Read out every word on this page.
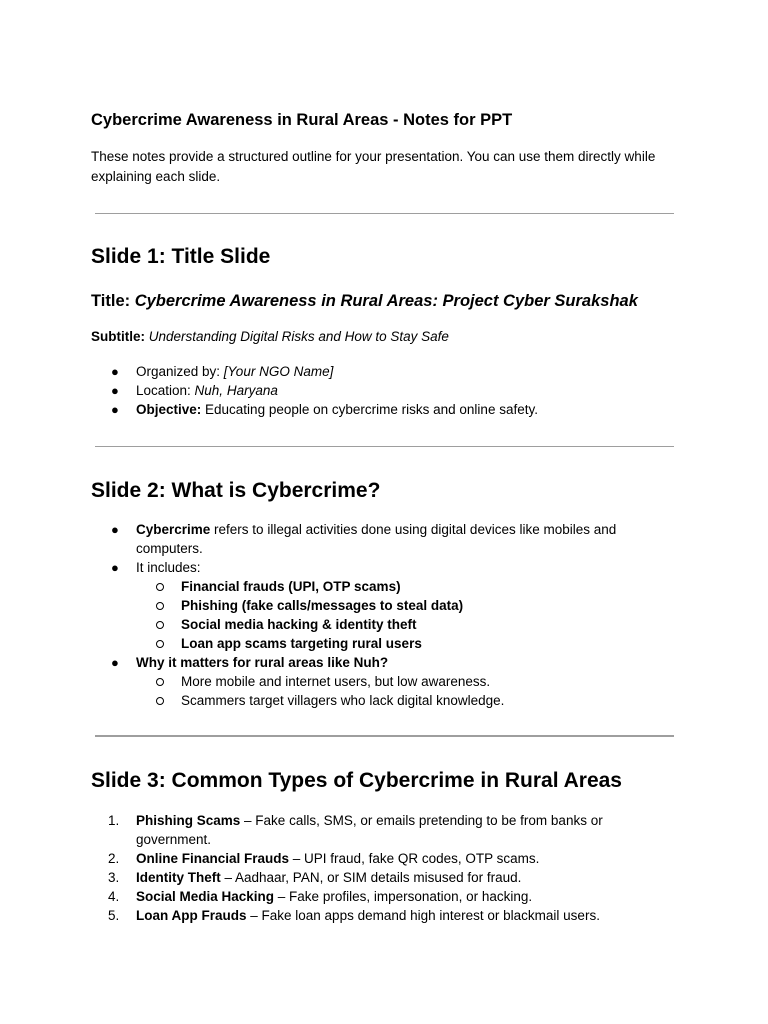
Cybercrime Awareness in Rural Areas - Notes for PPT
These notes provide a structured outline for your presentation. You can use them directly while explaining each slide.
Slide 1: Title Slide
Title: Cybercrime Awareness in Rural Areas: Project Cyber Surakshak
Subtitle: Understanding Digital Risks and How to Stay Safe
● Organized by: [Your NGO Name]
● Location: Nuh, Haryana
● Objective: Educating people on cybercrime risks and online safety.
Slide 2: What is Cybercrime?
● Cybercrime refers to illegal activities done using digital devices like mobiles and computers.
● It includes:
Financial frauds (UPI, OTP scams)
Phishing (fake calls/messages to steal data)
Social media hacking & identity theft
Loan app scams targeting rural users
● Why it matters for rural areas like Nuh?
More mobile and internet users, but low awareness.
Scammers target villagers who lack digital knowledge.
Slide 3: Common Types of Cybercrime in Rural Areas
1. Phishing Scams – Fake calls, SMS, or emails pretending to be from banks or government.
2. Online Financial Frauds – UPI fraud, fake QR codes, OTP scams.
3. Identity Theft – Aadhaar, PAN, or SIM details misused for fraud.
4. Social Media Hacking – Fake profiles, impersonation, or hacking.
5. Loan App Frauds – Fake loan apps demand high interest or blackmail users.
